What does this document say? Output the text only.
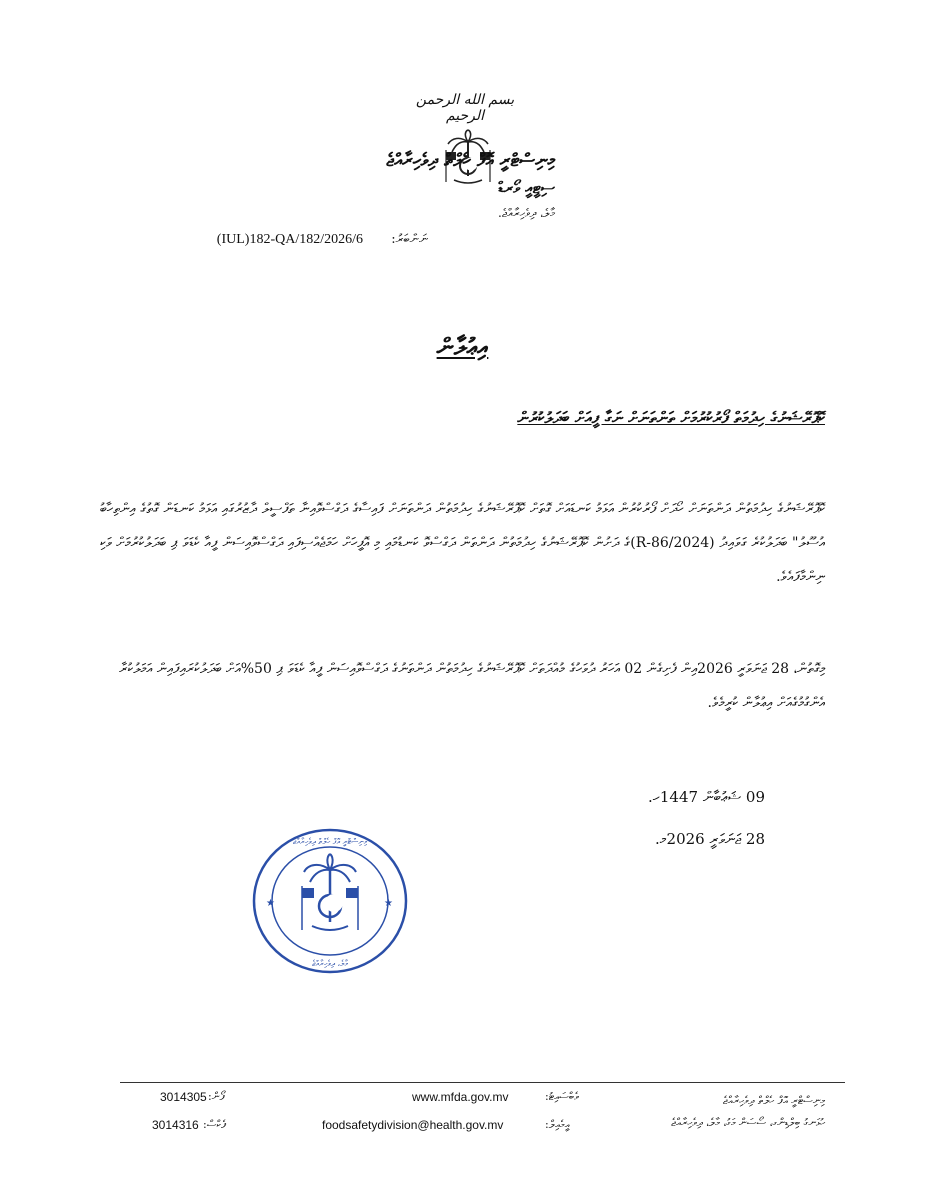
بسم الله الرحمن الرحيم
މިނިސްޓްރީ އޮފް ހެލްތް ދިވެހިރާއްޖެ
ސިޓީއީ ވޯރޑް
މާލެ، ދިވެހިރާއްޖެ.
ނަންބަރު:
(IUL)182-QA/182/2026/6
އިޢުލާން
ކޮޕޮރޭޝަނުގެ ހިދުމަތް ފޯރުކުރުމަށް ތަންތަނަށް ނަގާ ފީއަށް ބަދަލުކުރުން
ކޮޕޮރޭޝަނުގެ ހިދުމަތުން ދަންތަނަށް ހޯދަށް ފޯރުކުރުން އަޅަމު ކަނޑައަށް ގޮތަށް ކޮޕޮރޭޝަނުގެ ހިދުމަތުން ދަންތަނަށް ފައިސާގެ ދަގްސްވޮއިނާ ތަފްސީލް ދާޒުރުގައި އަޅަމު ކަނޑަން ގޮތުގެ އިންތިހާބު އުސޫލު" ބަދަލުކުރެ ގަވައިދު (R-86/2024)ގެ ދަށުން ކޮޕޮރޭޝަނުގެ ހިދުމަތުން ދަންތަން ދަގްސްވޮ ކަނޑުމައި މި އޮފީހަށް ހަމަޖެއްސިފައި ދަގްސްވޮއިސަން ފީއާ ކެޑަވަ ޕި ބަދަލުކުރުމަށް ވަކި ނިންމާފައެވެ.
މިގޮތުން، 28 ޖަނަވަރީ 2026އިން ފެށިގެން 02 އަހަރު ދުވަހުގެ މުއްދަތަށް ކޮޕޮރޭޝަނުގެ ހިދުމަތުން ދަންތަނުގެ ދަގްސްވޮއިސަން ފީއާ ކެޑަވަ ޕި 50%އަށް ބަދަލުކުރައިފައިން އަމަލުކުރާ އެންގުމުގެއަށް އިޢުލާން ކުރީމެވެ.
09 ޝަޢުބާން 1447ހ.
28 ޖަނަވަރީ 2026މ.
މިނިސްޓްރީ އޮފް ހެލްތް ދިވެހިރާއްޖެ
މާލެ، ދިވެހިރާއްޖެ
★	★
މިނިސްޓްރީ އޮފް ހެލްތް ދިވެހިރާއްޖެ
ހުޅަނގު ބިލްޑިންގ، ސޯސަން މަގު، މާލެ، ދިވެހިރާއްޖެ
www.mfda.gov.mv	ވެބްސައިޓު:
foodsafetydivision@health.gov.mv	އީމެއިލް:
3014305 ފޯން:
3014316 ފެކްސް:
